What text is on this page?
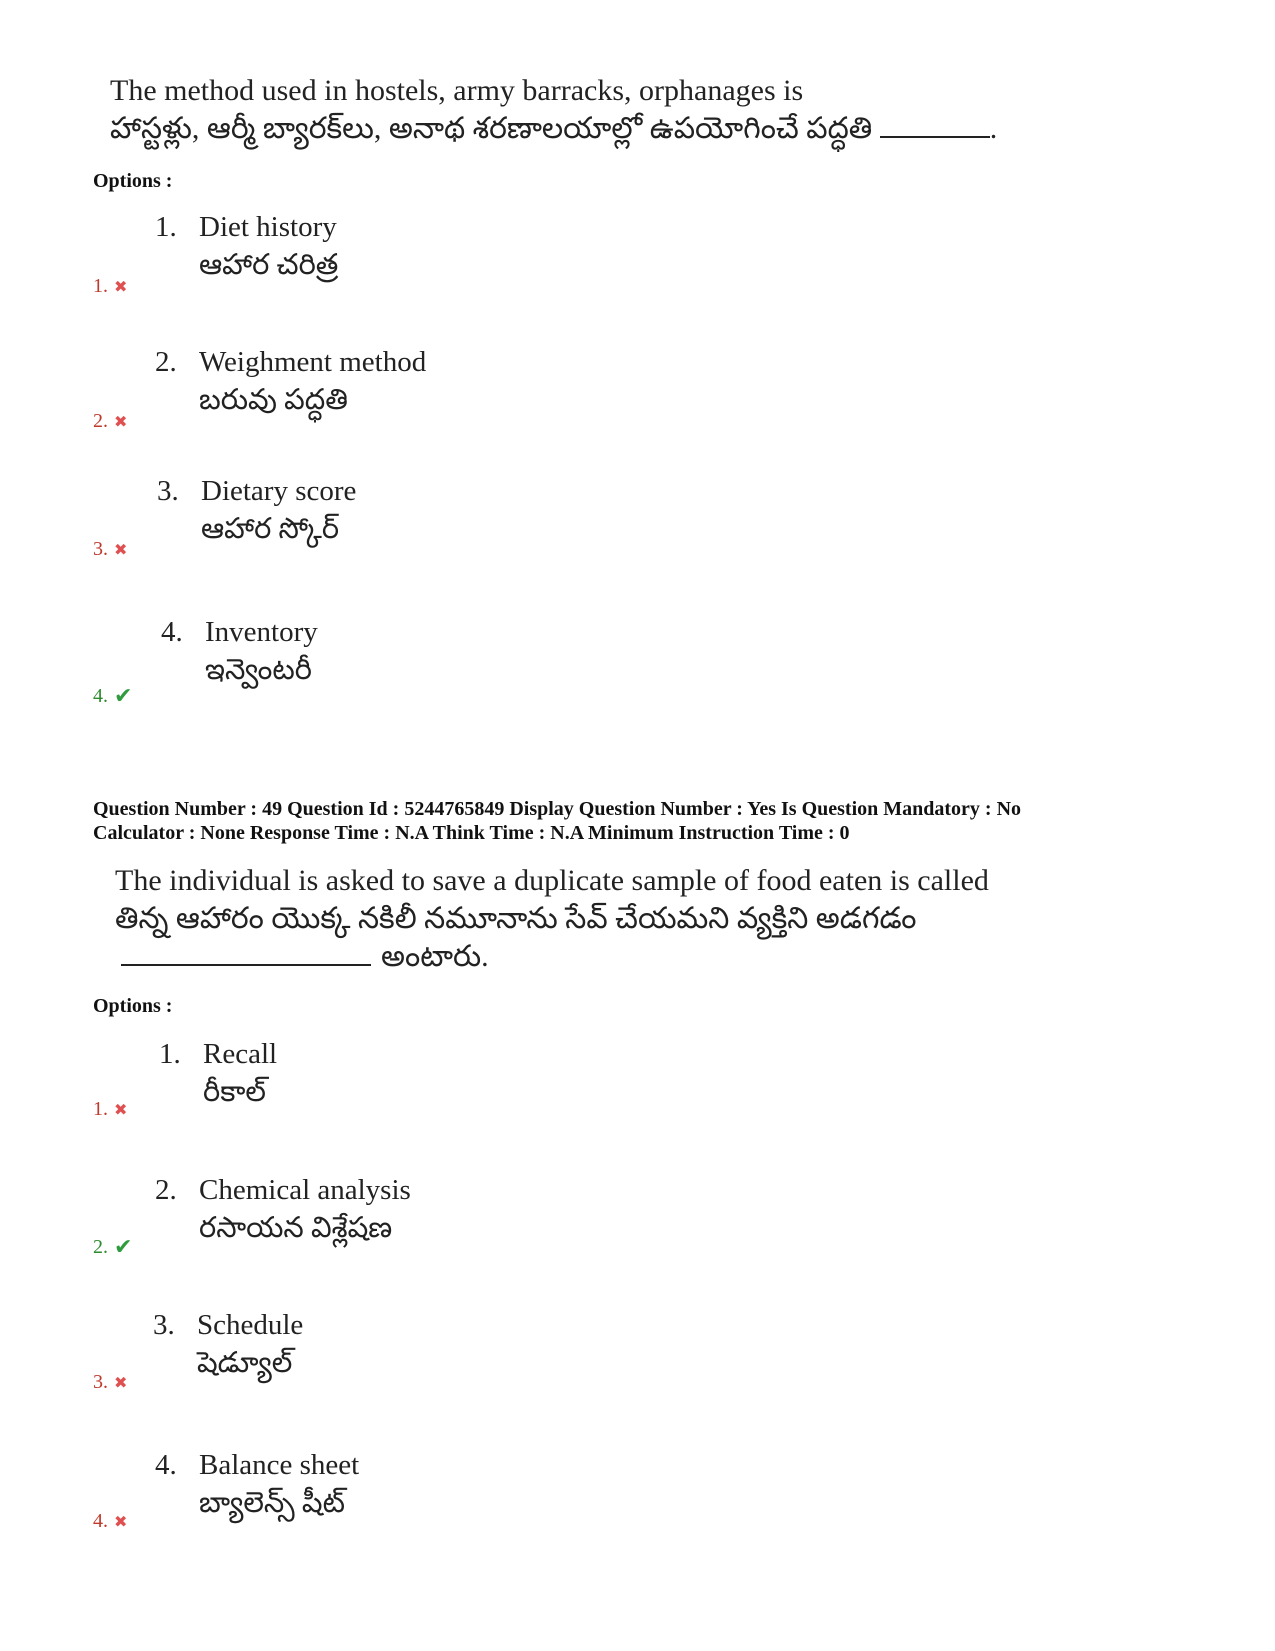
The method used in hostels, army barracks, orphanages is
హాస్టళ్లు, ఆర్మీ బ్యారక్‌లు, అనాథ శరణాలయాల్లో ఉపయోగించే పద్ధతి	.
Options :
1. Diet history
ఆహార చరిత్ర
1. ✖
2. Weighment method
బరువు పద్ధతి
2. ✖
3. Dietary score
ఆహార స్కోర్
3. ✖
4. Inventory
ఇన్వెంటరీ
4. ✔
Question Number : 49 Question Id : 5244765849 Display Question Number : Yes Is Question Mandatory : No
Calculator : None Response Time : N.A Think Time : N.A Minimum Instruction Time : 0
The individual is asked to save a duplicate sample of food eaten is called
తిన్న ఆహారం యొక్క నకిలీ నమూనాను సేవ్ చేయమని వ్యక్తిని అడగడం
అంటారు.
Options :
1. Recall
రీకాల్
1. ✖
2. Chemical analysis
రసాయన విశ్లేషణ
2. ✔
3. Schedule
షెడ్యూల్
3. ✖
4. Balance sheet
బ్యాలెన్స్ షీట్
4. ✖
